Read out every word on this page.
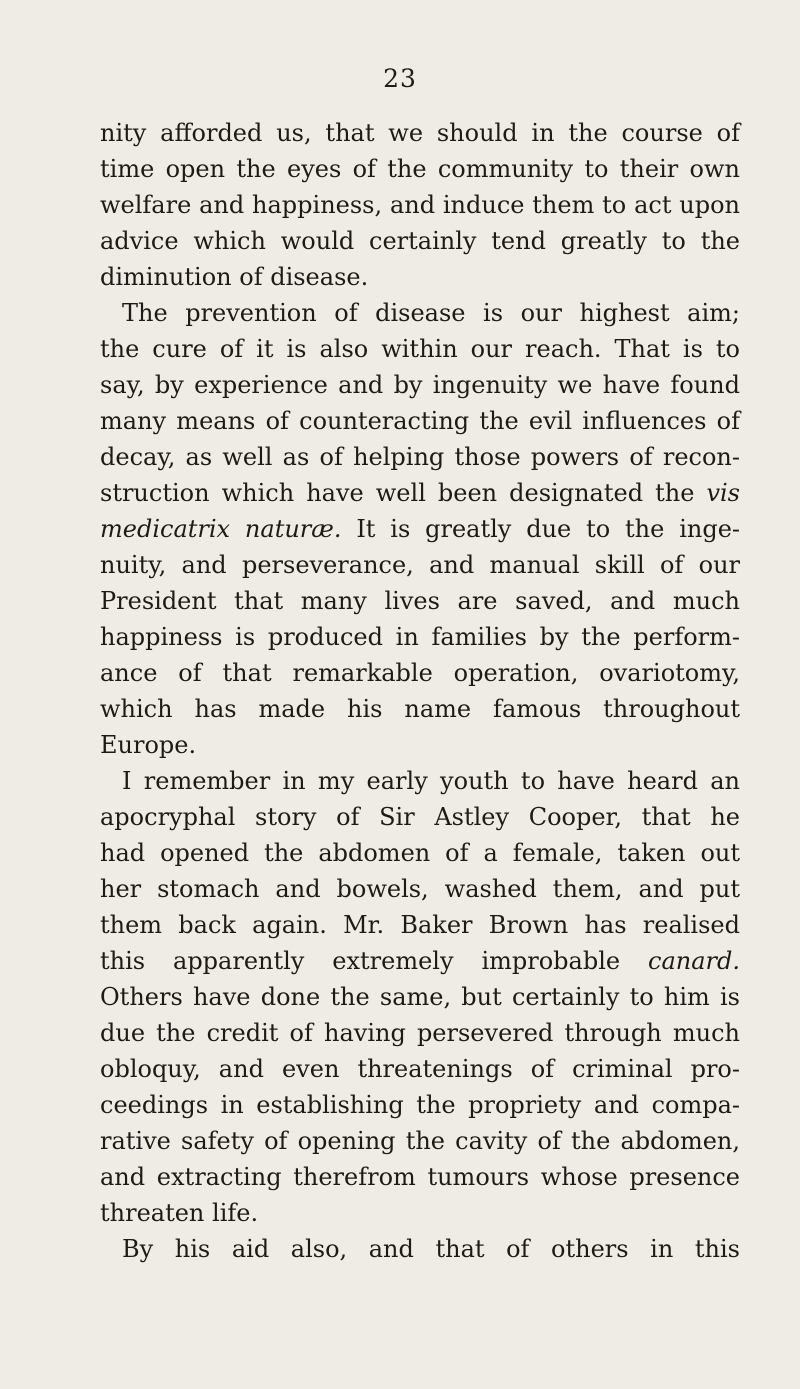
23
nity afforded us, that we should in the course of
time open the eyes of the community to their own
welfare and happiness, and induce them to act upon
advice which would certainly tend greatly to the
diminution of disease.
The prevention of disease is our highest aim;
the cure of it is also within our reach. That is to
say, by experience and by ingenuity we have found
many means of counteracting the evil influences of
decay, as well as of helping those powers of recon-
struction which have well been designated the vis
medicatrix naturæ. It is greatly due to the inge-
nuity, and perseverance, and manual skill of our
President that many lives are saved, and much
happiness is produced in families by the perform-
ance of that remarkable operation, ovariotomy,
which has made his name famous throughout
Europe.
I remember in my early youth to have heard an
apocryphal story of Sir Astley Cooper, that he
had opened the abdomen of a female, taken out
her stomach and bowels, washed them, and put
them back again. Mr. Baker Brown has realised
this apparently extremely improbable canard.
Others have done the same, but certainly to him is
due the credit of having persevered through much
obloquy, and even threatenings of criminal pro-
ceedings in establishing the propriety and compa-
rative safety of opening the cavity of the abdomen,
and extracting therefrom tumours whose presence
threaten life.
By his aid also, and that of others in this
